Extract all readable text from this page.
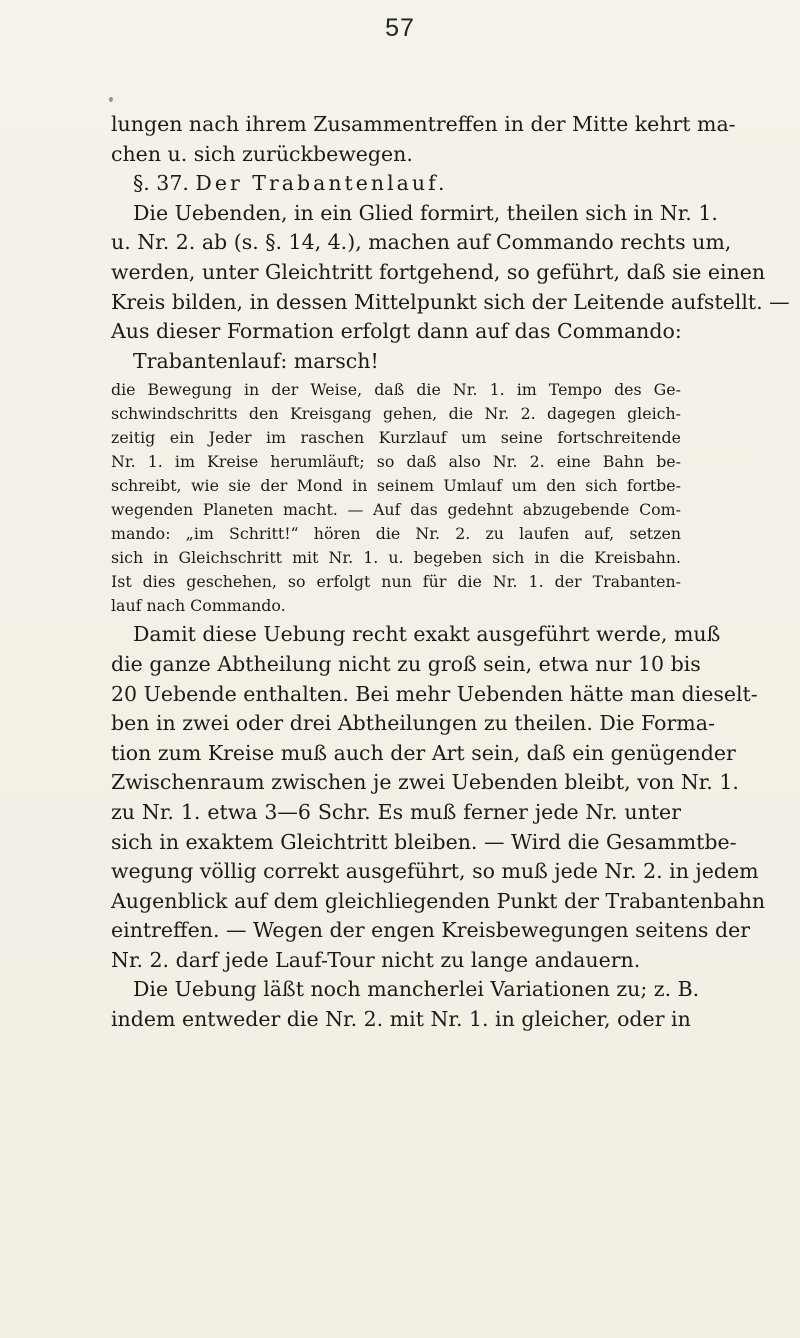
57
lungen nach ihrem Zusammentreffen in der Mitte kehrt ma-
chen u. sich zurückbewegen.
§. 37. Der Trabantenlauf.
Die Uebenden, in ein Glied formirt, theilen sich in Nr. 1.
u. Nr. 2. ab (s. §. 14, 4.), machen auf Commando rechts um,
werden, unter Gleichtritt fortgehend, so geführt, daß sie einen
Kreis bilden, in dessen Mittelpunkt sich der Leitende aufstellt. —
Aus dieser Formation erfolgt dann auf das Commando:
Trabantenlauf: marsch!
die Bewegung in der Weise, daß die Nr. 1. im Tempo des Ge-
schwindschritts den Kreisgang gehen, die Nr. 2. dagegen gleich-
zeitig ein Jeder im raschen Kurzlauf um seine fortschreitende
Nr. 1. im Kreise herumläuft; so daß also Nr. 2. eine Bahn be-
schreibt, wie sie der Mond in seinem Umlauf um den sich fortbe-
wegenden Planeten macht. — Auf das gedehnt abzugebende Com-
mando: „im Schritt!“ hören die Nr. 2. zu laufen auf, setzen
sich in Gleichschritt mit Nr. 1. u. begeben sich in die Kreisbahn.
Ist dies geschehen, so erfolgt nun für die Nr. 1. der Trabanten-
lauf nach Commando.
Damit diese Uebung recht exakt ausgeführt werde, muß
die ganze Abtheilung nicht zu groß sein, etwa nur 10 bis
20 Uebende enthalten. Bei mehr Uebenden hätte man dieselt-
ben in zwei oder drei Abtheilungen zu theilen. Die Forma-
tion zum Kreise muß auch der Art sein, daß ein genügender
Zwischenraum zwischen je zwei Uebenden bleibt, von Nr. 1.
zu Nr. 1. etwa 3—6 Schr. Es muß ferner jede Nr. unter
sich in exaktem Gleichtritt bleiben. — Wird die Gesammtbe-
wegung völlig correkt ausgeführt, so muß jede Nr. 2. in jedem
Augenblick auf dem gleichliegenden Punkt der Trabantenbahn
eintreffen. — Wegen der engen Kreisbewegungen seitens der
Nr. 2. darf jede Lauf-Tour nicht zu lange andauern.
Die Uebung läßt noch mancherlei Variationen zu; z. B.
indem entweder die Nr. 2. mit Nr. 1. in gleicher, oder in
